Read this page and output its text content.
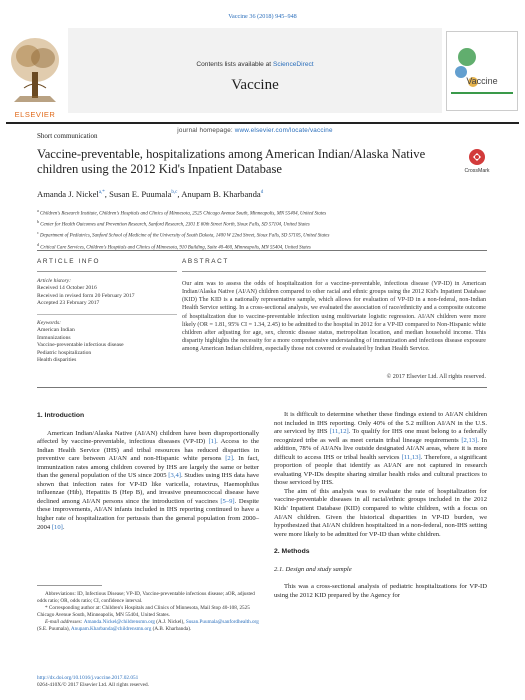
Vaccine 36 (2018) 945–948
ELSEVIER
Contents lists available at ScienceDirect
Vaccine
journal homepage: www.elsevier.com/locate/vaccine
Vaccine
Short communication
Vaccine-preventable, hospitalizations among American Indian/Alaska Native children using the 2012 Kid's Inpatient Database	CrossMark
Amanda J. Nickel$^{a,*}$, Susan E. Puumala$^{b,c}$, Anupam B. Kharbanda$^d$
$^a$ Children's Research Institute, Children's Hospitals and Clinics of Minnesota, 2525 Chicago Avenue South, Minneapolis, MN 55404, United States
$^b$ Center for Health Outcomes and Prevention Research, Sanford Research, 2301 E 60th Street North, Sioux Falls, SD 57104, United States
$^c$ Department of Pediatrics, Sanford School of Medicine of the University of South Dakota, 1400 W 22nd Street, Sioux Falls, SD 57105, United States
$^d$ Critical Care Services, Children's Hospitals and Clinics of Minnesota, 910 Building, Suite 40-460, Minneapolis, MN 55404, United States
ARTICLE INFO	ABSTRACT
Article history:
Received 14 October 2016
Received in revised form 20 February 2017
Accepted 23 February 2017
Keywords:
American Indian
Immunizations
Vaccine-preventable infectious disease
Pediatric hospitalization
Health disparities
Our aim was to assess the odds of hospitalization for a vaccine-preventable, infectious disease (VP-ID) in American Indian/Alaska Native (AI/AN) children compared to other racial and ethnic groups using the 2012 Kid's Inpatient Database (KID) The KID is a nationally representative sample, which allows for evaluation of VP-ID in a non-federal, non-Indian Health Service setting. In a cross-sectional analysis, we evaluated the association of race/ethnicity and a composite outcome of hospitalization due to vaccine-preventable infection using multivariate logistic regression. AI/AN children were more likely (OR = 1.81, 95% CI = 1.34, 2.45) to be admitted to the hospital in 2012 for a VP-ID compared to Non-Hispanic white children after adjusting for age, sex, chronic disease status, metropolitan location, and median household income. This disparity highlights the necessity for a more comprehensive understanding of immunization and infectious disease exposure among American Indian children, especially those not covered or evaluated by Indian Health Service.
© 2017 Elsevier Ltd. All rights reserved.
1. Introduction

American Indian/Alaska Native (AI/AN) children have been disproportionally affected by vaccine-preventable, infectious diseases (VP-ID) [1]. Access to the Indian Health Service (IHS) and tribal resources has reduced disparities in preventive care between AI/AN and non-Hispanic white persons [2]. In fact, immunization rates among children covered by IHS are largely the same or better than the general population of the US since 2005 [3,4]. Studies using IHS data have shown that infection rates for VP-ID like varicella, rotavirus, Haemophilus influenzae (Hib), Hepatitis B (Hep B), and invasive pneumococcal disease have declined among AI/AN persons since the introduction of vaccines [5–9]. Despite these improvements, AI/AN infants included in IHS reporting continued to have a higher rate of hospitalization for pertussis than the general population from 2000–2004 [10].

It is difficult to determine whether these findings extend to AI/AN children not included in IHS reporting. Only 40% of the 5.2 million AI/AN in the U.S. are serviced by IHS [11,12]. To qualify for IHS one must belong to a federally recognized tribe as well as meet certain tribal lineage requirements [2,13]. In addition, 78% of AI/ANs live outside designated AI/AN areas, where it is more difficult to access IHS or tribal health services [11,13]. Therefore, a significant proportion of people that identify as AI/AN are not captured in research evaluating VP-IDs despite sharing similar health risks and cultural practices to those serviced by IHS.

The aim of this analysis was to evaluate the rate of hospitalization for vaccine-preventable diseases in all racial/ethnic groups included in the 2012 Kids' Inpatient Database (KID) compared to white children, with a focus on AI/AN children. Given the historical disparities in VP-ID burden, we hypothesized that AI/AN children hospitalized in a non-federal, non-IHS setting were more likely to be admitted for VP-ID than white children.

2. Methods
2.1. Design and study sample

This was a cross-sectional analysis of pediatric hospitalizations for VP-ID using the 2012 KID prepared by the Agency for

Abbreviations: ID, Infectious Disease; VP-ID, Vaccine-preventable infectious disease; aOR, adjusted odds ratio; OR, odds ratio; CI, confidence interval.

* Corresponding author at: Children's Hospitals and Clinics of Minnesota, Mail Stop 40-108, 2525 Chicago Avenue South, Minneapolis, MN 55404, United States.

E-mail addresses: Amanda.Nickel@childrensmn.org (A.J. Nickel), Susan.Puumala@sanfordhealth.org (S.E. Puumala), Anupam.Kharbanda@childrensmn.org (A.B. Kharbanda).

http://dx.doi.org/10.1016/j.vaccine.2017.02.051
0264-410X/© 2017 Elsevier Ltd. All rights reserved.
